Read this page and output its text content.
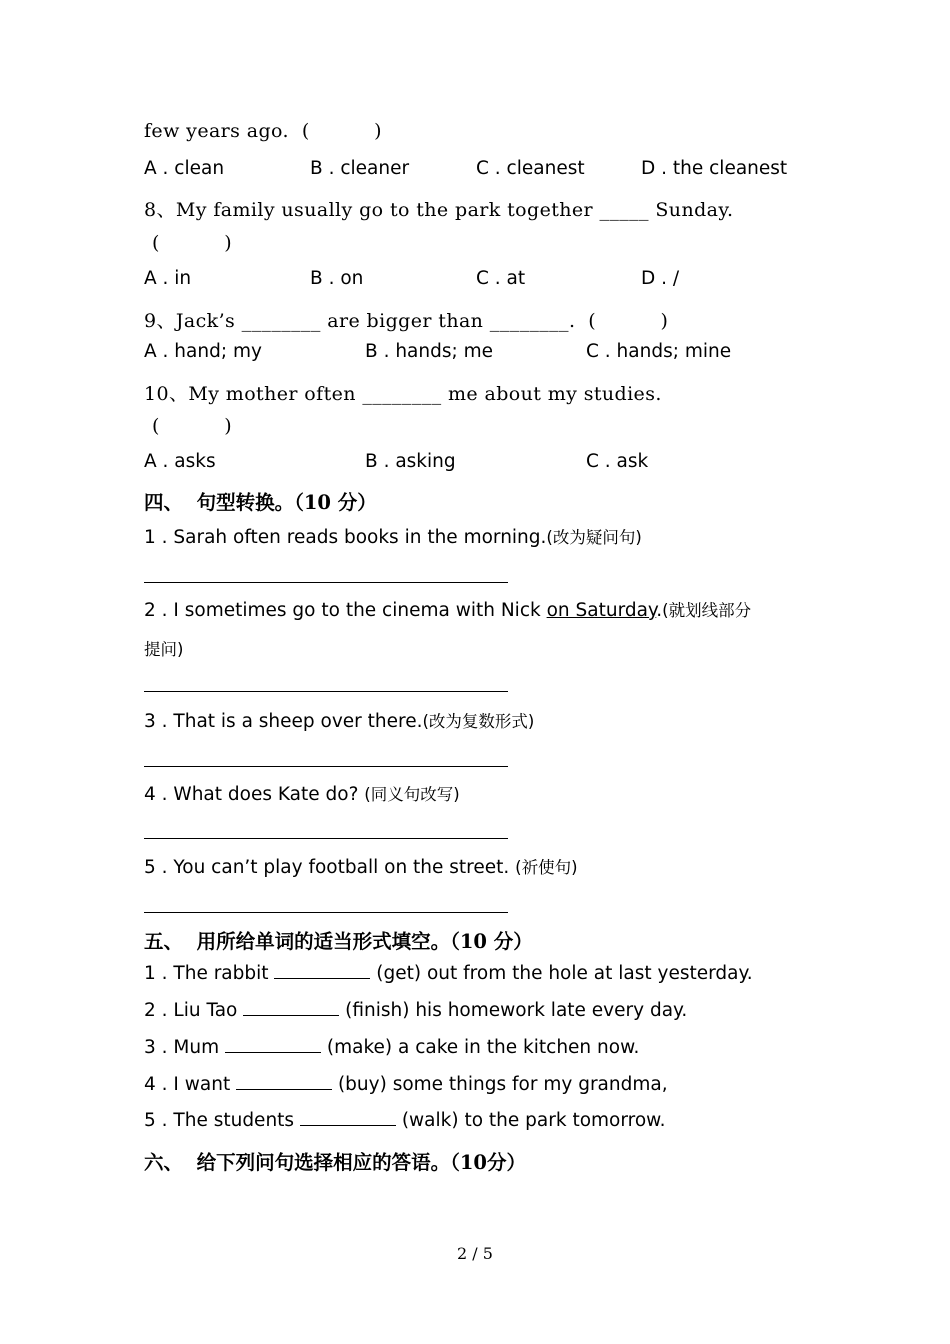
few years ago.  (          )
A . clean	B . cleaner	C . cleanest	D . the cleanest
8、My family usually go to the park together _____ Sunday.
(          )
A . in	B . on	C . at	D . /
9、Jack’s ________ are bigger than ________.  (          )
A . hand; my	B . hands; me	C . hands; mine
10、My mother often ________ me about my studies.
(          )
A . asks	B . asking	C . ask
四、  句型转换。（10 分）
1 . Sarah often reads books in the morning.(改为疑问句)
2 . I sometimes go to the cinema with Nick on Saturday.(就划线部分
提问)
3 . That is a sheep over there.(改为复数形式)
4 . What does Kate do? (同义句改写)
5 . You can’t play football on the street. (祈使句)
五、  用所给单词的适当形式填空。（10 分）
1 . The rabbit	(get) out from the hole at last yesterday.
2 . Liu Tao	(finish) his homework late every day.
3 . Mum	(make) a cake in the kitchen now.
4 . I want	(buy) some things for my grandma,
5 . The students	(walk) to the park tomorrow.
六、  给下列问句选择相应的答语。（10分）
2 / 5
